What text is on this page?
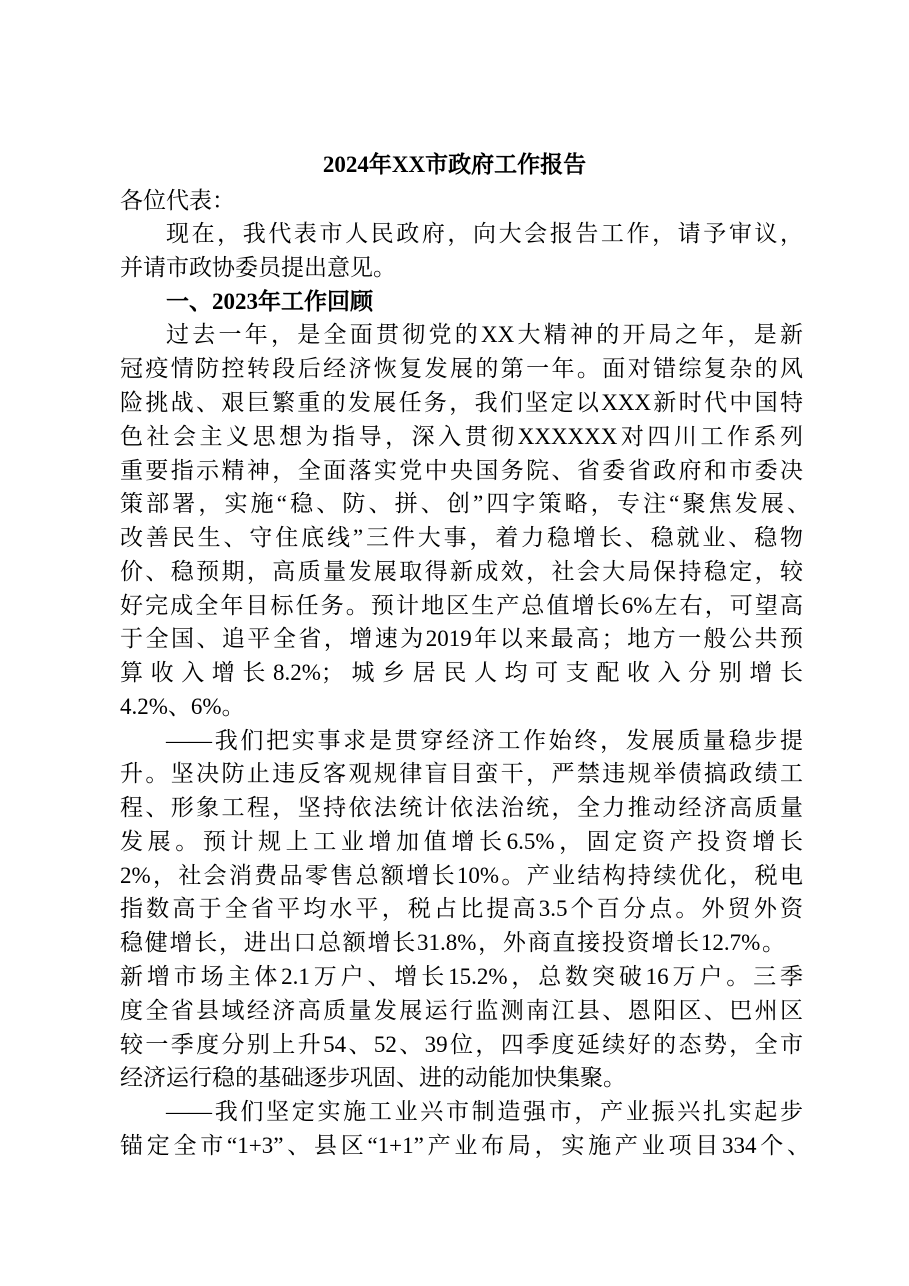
2024年XX市政府工作报告
各位代表：
现在，我代表市人民政府，向大会报告工作，请予审议，
并请市政协委员提出意见。
一、2023年工作回顾
过去一年，是全面贯彻党的XX大精神的开局之年，是新
冠疫情防控转段后经济恢复发展的第一年。面对错综复杂的风
险挑战、艰巨繁重的发展任务，我们坚定以XXX新时代中国特
色社会主义思想为指导，深入贯彻XXXXXX对四川工作系列
重要指示精神，全面落实党中央国务院、省委省政府和市委决
策部署，实施“稳、防、拼、创”四字策略，专注“聚焦发展、
改善民生、守住底线”三件大事，着力稳增长、稳就业、稳物
价、稳预期，高质量发展取得新成效，社会大局保持稳定，较
好完成全年目标任务。预计地区生产总值增长6%左右，可望高
于全国、追平全省，增速为2019年以来最高；地方一般公共预
算收入增长8.2%；城乡居民人均可支配收入分别增长
4.2%、6%。
——我们把实事求是贯穿经济工作始终，发展质量稳步提
升。坚决防止违反客观规律盲目蛮干，严禁违规举债搞政绩工
程、形象工程，坚持依法统计依法治统，全力推动经济高质量
发展。预计规上工业增加值增长6.5%，固定资产投资增长
2%，社会消费品零售总额增长10%。产业结构持续优化，税电
指数高于全省平均水平，税占比提高3.5个百分点。外贸外资
稳健增长，进出口总额增长31.8%，外商直接投资增长12.7%。
新增市场主体2.1万户、增长15.2%，总数突破16万户。三季
度全省县域经济高质量发展运行监测南江县、恩阳区、巴州区
较一季度分别上升54、52、39位，四季度延续好的态势，全市
经济运行稳的基础逐步巩固、进的动能加快集聚。
——我们坚定实施工业兴市制造强市，产业振兴扎实起步
锚定全市“1+3”、县区“1+1”产业布局，实施产业项目334个、
